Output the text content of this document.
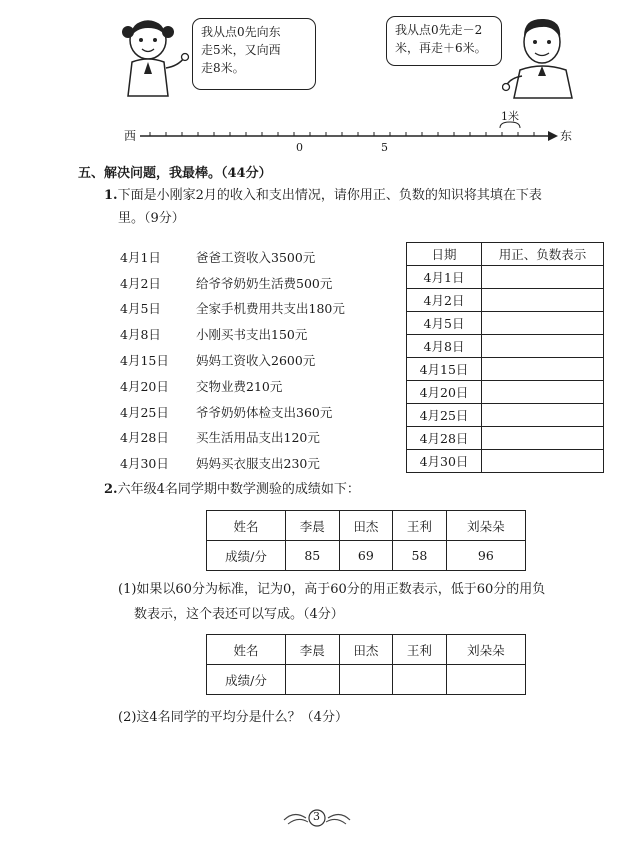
我从点0先向东
走5米，又向西
走8米。
我从点0先走－2
米，再走＋6米。
西	东
0	5
1米
五、解决问题，我最棒。（44分）
1.下面是小刚家2月的收入和支出情况，请你用正、负数的知识将其填在下表
里。（9分）
4月1日	爸爸工资收入3500元
4月2日	给爷爷奶奶生活费500元
4月5日	全家手机费用共支出180元
4月8日	小刚买书支出150元
4月15日	妈妈工资收入2600元
4月20日	交物业费210元
4月25日	爷爷奶奶体检支出360元
4月28日	买生活用品支出120元
4月30日	妈妈买衣服支出230元
日期	用正、负数表示
4月1日	
4月2日	
4月5日	
4月8日	
4月15日	
4月20日	
4月25日	
4月28日	
4月30日	
2.六年级4名同学期中数学测验的成绩如下：
姓名	李晨	田杰	王利	刘朵朵
成绩/分	85	69	58	96
(1)如果以60分为标准，记为0，高于60分的用正数表示，低于60分的用负
数表示，这个表还可以写成。（4分）
姓名	李晨	田杰	王利	刘朵朵
成绩/分				
(2)这4名同学的平均分是什么？（4分）
3
